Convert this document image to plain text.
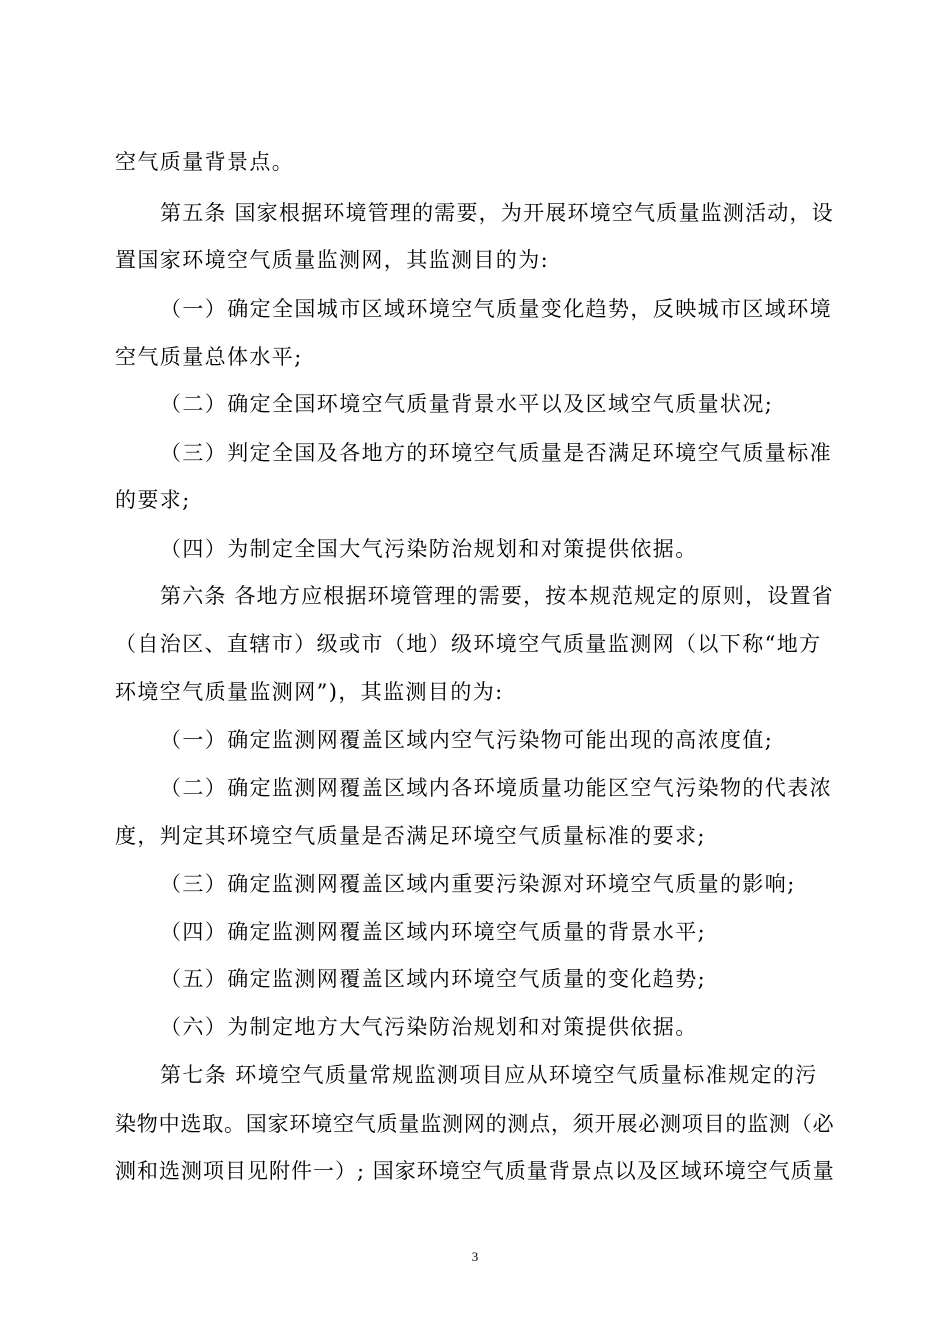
空气质量背景点。
第五条 国家根据环境管理的需要，为开展环境空气质量监测活动，设
置国家环境空气质量监测网，其监测目的为:
（一）确定全国城市区域环境空气质量变化趋势，反映城市区域环境
空气质量总体水平;
（二）确定全国环境空气质量背景水平以及区域空气质量状况;
（三）判定全国及各地方的环境空气质量是否满足环境空气质量标准
的要求;
（四）为制定全国大气污染防治规划和对策提供依据。
第六条 各地方应根据环境管理的需要，按本规范规定的原则，设置省
（自治区、直辖市）级或市（地）级环境空气质量监测网（以下称“地方
环境空气质量监测网”)，其监测目的为:
（一）确定监测网覆盖区域内空气污染物可能出现的高浓度值;
（二）确定监测网覆盖区域内各环境质量功能区空气污染物的代表浓
度，判定其环境空气质量是否满足环境空气质量标准的要求;
（三）确定监测网覆盖区域内重要污染源对环境空气质量的影响;
（四）确定监测网覆盖区域内环境空气质量的背景水平;
（五）确定监测网覆盖区域内环境空气质量的变化趋势;
（六）为制定地方大气污染防治规划和对策提供依据。
第七条 环境空气质量常规监测项目应从环境空气质量标准规定的污
染物中选取。国家环境空气质量监测网的测点，须开展必测项目的监测（必
测和选测项目见附件一）; 国家环境空气质量背景点以及区域环境空气质量
3
